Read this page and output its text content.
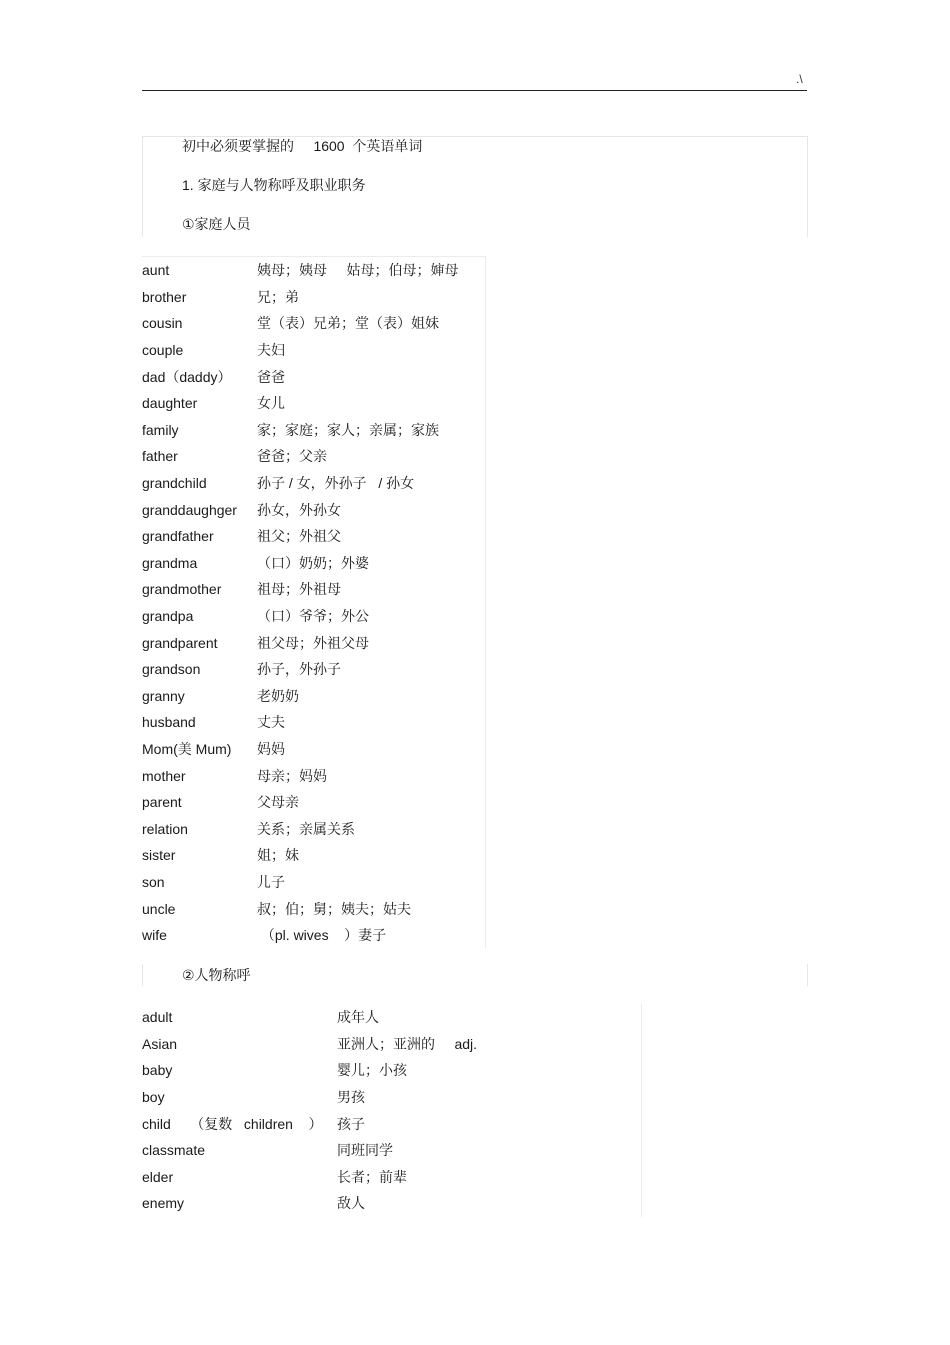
.\
初中必须要掌握的     1600  个英语单词
1. 家庭与人物称呼及职业职务
①家庭人员
aunt	姨母；姨母     姑母；伯母；婶母
brother	兄；弟
cousin	堂（表）兄弟；堂（表）姐妹
couple	夫妇
dad（daddy）	爸爸
daughter	女儿
family	家；家庭；家人；亲属；家族
father	爸爸；父亲
grandchild	孙子 / 女，外孙子   / 孙女
granddaughger	孙女，外孙女
grandfather	祖父；外祖父
grandma	（口）奶奶；外婆
grandmother	祖母；外祖母
grandpa	（口）爷爷；外公
grandparent	祖父母；外祖父母
grandson	孙子，外孙子
granny	老奶奶
husband	丈夫
Mom(美 Mum)	妈妈
mother	母亲；妈妈
parent	父母亲
relation	关系；亲属关系
sister	姐；妹
son	儿子
uncle	叔；伯；舅；姨夫；姑夫
wife	（pl. wives    ）妻子
②人物称呼
adult	成年人
Asian	亚洲人；亚洲的     adj.
baby	婴儿；小孩
boy	男孩
child     （复数   children    ）	孩子
classmate	同班同学
elder	长者；前辈
enemy	敌人
